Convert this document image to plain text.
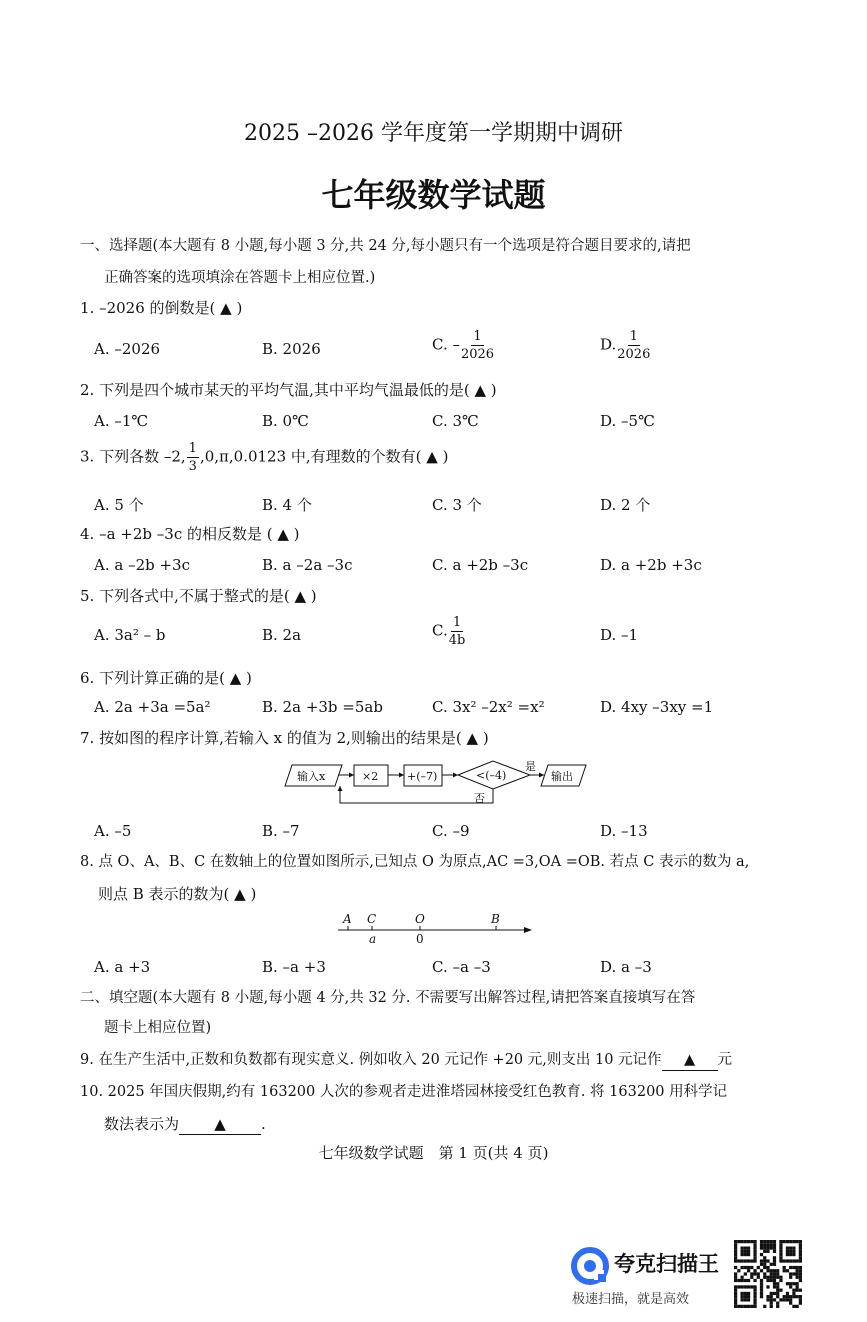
2025 –2026 学年度第一学期期中调研
七年级数学试题
一、选择题(本大题有 8 小题,每小题 3 分,共 24 分,每小题只有一个选项是符合题目要求的,请把
正确答案的选项填涂在答题卡上相应位置.)
1. –2026 的倒数是( ▲ )
A. –2026	B. 2026	C. – $\frac{1}{2026}$	D. $\frac{1}{2026}$
2. 下列是四个城市某天的平均气温,其中平均气温最低的是( ▲ )
A. –1℃	B. 0℃	C. 3℃	D. –5℃
3. 下列各数 –2, $\frac{1}{3} ,0,\pi,0.0123$ 中,有理数的个数有( ▲ )
A. 5 个	B. 4 个	C. 3 个	D. 2 个
4. –a +2b –3c 的相反数是 ( ▲ )
A. a –2b +3c	B. a –2a –3c	C. a +2b –3c	D. a +2b +3c
5. 下列各式中,不属于整式的是( ▲ )
A. 3a² – b	B. 2a	C. $\frac{1}{4b}$	D. –1
6. 下列计算正确的是( ▲ )
A. 2a +3a =5a²	B. 2a +3b =5ab	C. 3x² –2x² =x²	D. 4xy –3xy =1
7. 按如图的程序计算,若输入 x 的值为 2,则输出的结果是( ▲ )
输入x	×2	+(–7)	<(–4)
是
否
输出
A. –5	B. –7	C. –9	D. –13
8. 点 O、A、B、C 在数轴上的位置如图所示,已知点 O 为原点,AC =3,OA =OB. 若点 C 表示的数为 a,
则点 B 表示的数为( ▲ )
A C	O	B
a	0
A. a +3	B. –a +3	C. –a –3	D. a –3
二、填空题(本大题有 8 小题,每小题 4 分,共 32 分. 不需要写出解答过程,请把答案直接填写在答
题卡上相应位置)
9. 在生产生活中,正数和负数都有现实意义. 例如收入 20 元记作 +20 元,则支出 10 元记作 ▲ 元
10. 2025 年国庆假期,约有 163200 人次的参观者走进淮塔园林接受红色教育. 将 163200 用科学记
数法表示为 ▲ .
七年级数学试题　第 1 页(共 4 页)
夸克扫描王
极速扫描，就是高效
